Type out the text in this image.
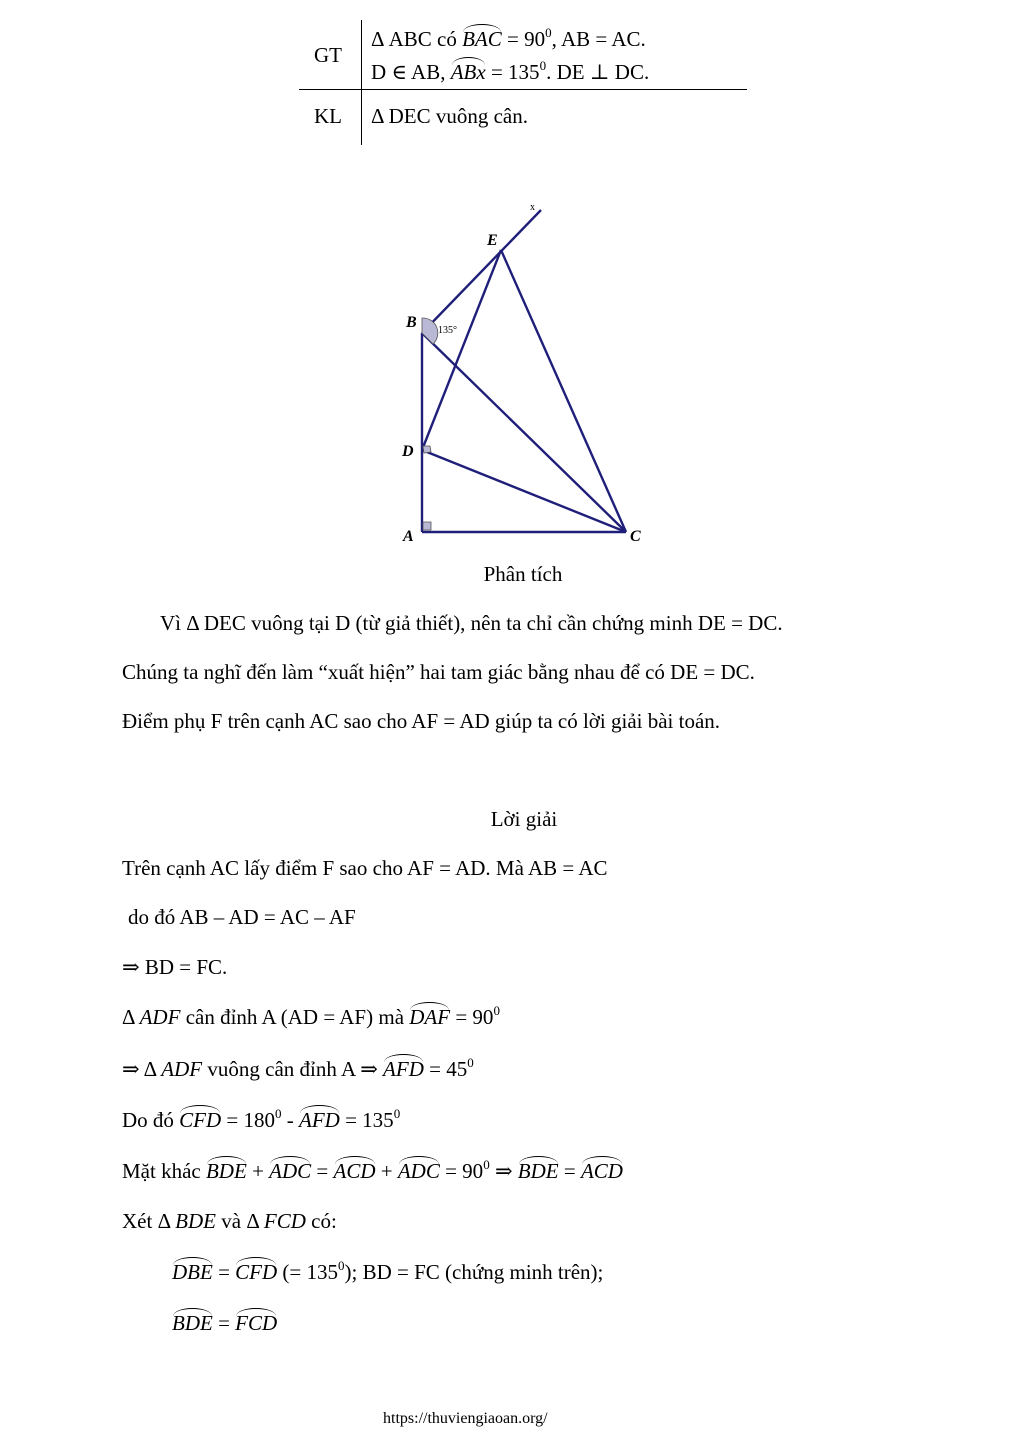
GT
Δ ABC có BAC = $90^0$, AB = AC.
D ∈ AB, ABx = $135^0$. DE ⊥ DC.
KL Δ DEC vuông cân.
x
E
B 135°
D
A	C
Phân tích
Vì Δ DEC vuông tại D (từ giả thiết), nên ta chỉ cần chứng minh DE = DC.
Chúng ta nghĩ đến làm “xuất hiện” hai tam giác bằng nhau để có DE = DC.
Điểm phụ F trên cạnh AC sao cho AF = AD giúp ta có lời giải bài toán.
Lời giải
Trên cạnh AC lấy điểm F sao cho AF = AD. Mà AB = AC
do đó AB – AD = AC – AF
⇒ BD = FC.
Δ ADF cân đỉnh A (AD = AF) mà DAF = $90^0$
⇒ Δ ADF vuông cân đỉnh A ⇒ AFD = $45^0$
Do đó CFD = $180^0$ - AFD = $135^0$
Mặt khác BDE + ADC = ACD + ADC = $90^0$ ⇒ BDE = ACD
Xét Δ BDE và Δ FCD có:
DBE = CFD (= $135^0$); BD = FC (chứng minh trên);
BDE = FCD
https://thuviengiaoan.org/
